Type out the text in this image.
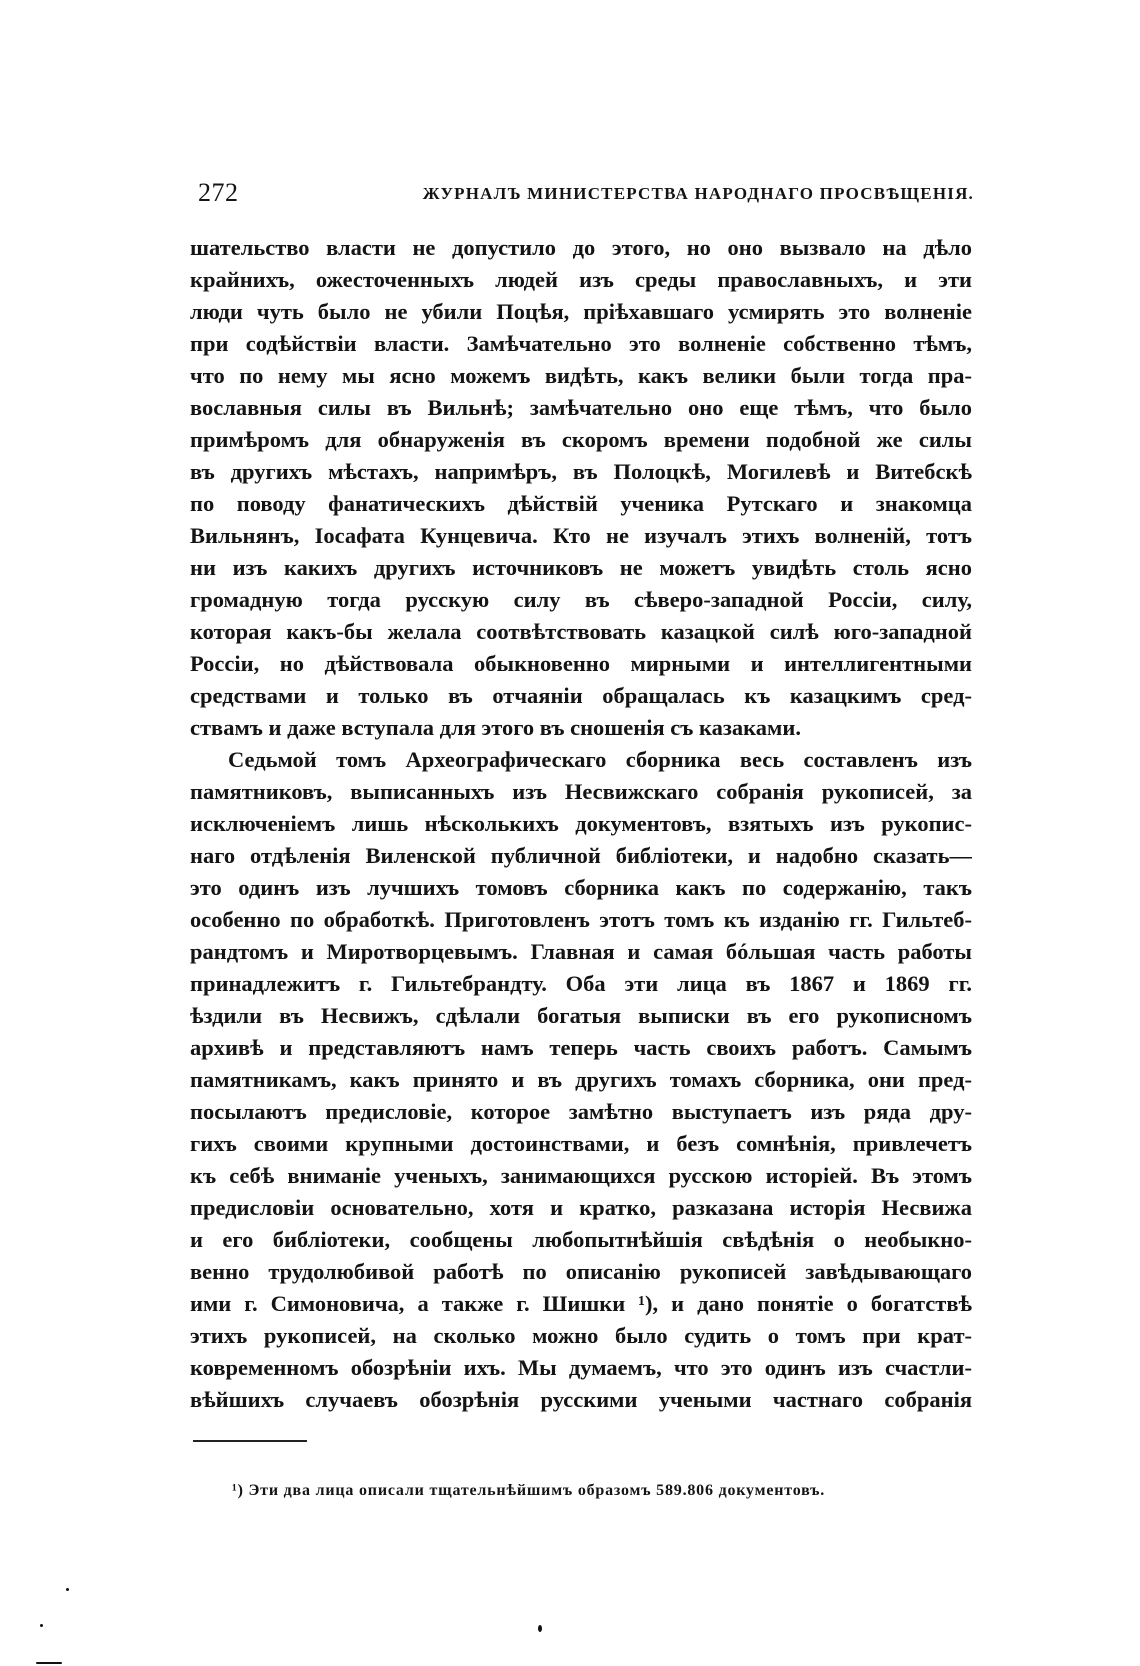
272	ЖУРНАЛЪ МИНИСТЕРСТВА НАРОДНАГО ПРОСВѢЩЕНІЯ.
шательство власти не допустило до этого, но оно вызвало на дѣло
крайнихъ, ожесточенныхъ людей изъ среды православныхъ, и эти
люди чуть было не убили Поцѣя, пріѣхавшаго усмирять это волненіе
при содѣйствіи власти. Замѣчательно это волненіе собственно тѣмъ,
что по нему мы ясно можемъ видѣть, какъ велики были тогда пра-
вославныя силы въ Вильнѣ; замѣчательно оно еще тѣмъ, что было
примѣромъ для обнаруженія въ скоромъ времени подобной же силы
въ другихъ мѣстахъ, напримѣръ, въ Полоцкѣ, Могилевѣ и Витебскѣ
по поводу фанатическихъ дѣйствій ученика Рутскаго и знакомца
Вильнянъ, Іосафата Кунцевича. Кто не изучалъ этихъ волненій, тотъ
ни изъ какихъ другихъ источниковъ не можетъ увидѣть столь ясно
громадную тогда русскую силу въ сѣверо-западной Россіи, силу,
которая какъ-бы желала соотвѣтствовать казацкой силѣ юго-западной
Россіи, но дѣйствовала обыкновенно мирными и интеллигентными
средствами и только въ отчаяніи обращалась къ казацкимъ сред-
ствамъ и даже вступала для этого въ сношенія съ казаками.
Седьмой томъ Археографическаго сборника весь составленъ изъ
памятниковъ, выписанныхъ изъ Несвижскаго собранія рукописей, за
исключеніемъ лишь нѣсколькихъ документовъ, взятыхъ изъ рукопис-
наго отдѣленія Виленской публичной библіотеки, и надобно сказать—
это одинъ изъ лучшихъ томовъ сборника какъ по содержанію, такъ
особенно по обработкѣ. Приготовленъ этотъ томъ къ изданію гг. Гильтеб-
рандтомъ и Миротворцевымъ. Главная и самая бóльшая часть работы
принадлежитъ г. Гильтебрандту. Оба эти лица въ 1867 и 1869 гг.
ѣздили въ Несвижъ, сдѣлали богатыя выписки въ его рукописномъ
архивѣ и представляютъ намъ теперь часть своихъ работъ. Самымъ
памятникамъ, какъ принято и въ другихъ томахъ сборника, они пред-
посылаютъ предисловіе, которое замѣтно выступаетъ изъ ряда дру-
гихъ своими крупными достоинствами, и безъ сомнѣнія, привлечетъ
къ себѣ вниманіе ученыхъ, занимающихся русскою исторіей. Въ этомъ
предисловіи основательно, хотя и кратко, разказана исторія Несвижа
и его библіотеки, сообщены любопытнѣйшія свѣдѣнія о необыкно-
венно трудолюбивой работѣ по описанію рукописей завѣдывающаго
ими г. Симоновича, а также г. Шишки ¹), и дано понятіе о богатствѣ
этихъ рукописей, на сколько можно было судить о томъ при крат-
ковременномъ обозрѣніи ихъ. Мы думаемъ, что это одинъ изъ счастли-
вѣйшихъ случаевъ обозрѣнія русскими учеными частнаго собранія
¹) Эти два лица описали тщательнѣйшимъ образомъ 589.806 документовъ.
